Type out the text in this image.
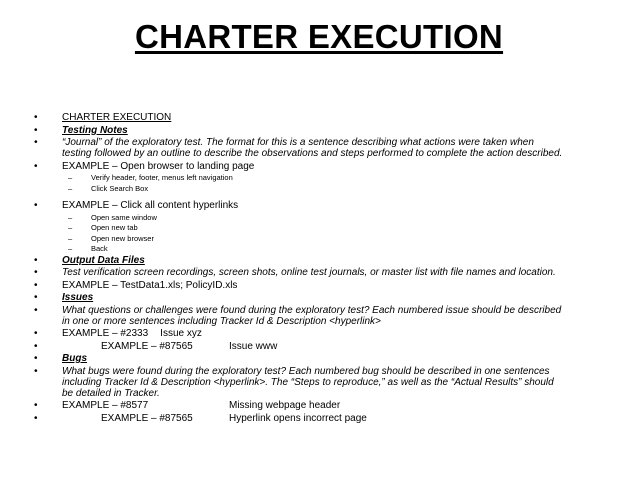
CHARTER EXECUTION
• CHARTER EXECUTION
• Testing Notes
• “Journal” of the exploratory test. The format for this is a sentence describing what actions were taken when
testing followed by an outline to describe the observations and steps performed to complete the action described.
• EXAMPLE – Open browser to landing page
– Verify header, footer, menus left navigation
– Click Search Box
• EXAMPLE – Click all content hyperlinks
– Open same window
– Open new tab
– Open new browser
– Back
• Output Data Files
• Test verification screen recordings, screen shots, online test journals, or master list with file names and location.
• EXAMPLE – TestData1.xls; PolicyID.xls
• Issues
• What questions or challenges were found during the exploratory test? Each numbered issue should be described
in one or more sentences including Tracker Id & Description <hyperlink>
• EXAMPLE – #2333 Issue xyz
• EXAMPLE – #87565	Issue www
• Bugs
• What bugs were found during the exploratory test? Each numbered bug should be described in one sentences
including Tracker Id & Description <hyperlink>. The “Steps to reproduce,” as well as the “Actual Results” should
be detailed in Tracker.
• EXAMPLE – #8577	Missing webpage header
• EXAMPLE – #87565	Hyperlink opens incorrect page
